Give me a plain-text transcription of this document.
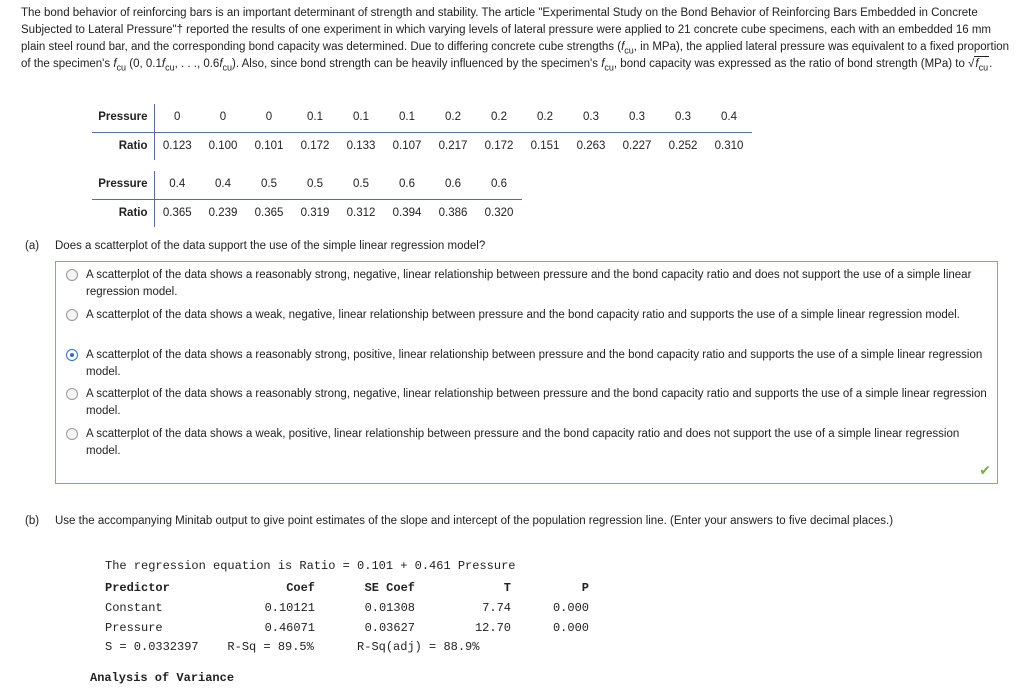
The bond behavior of reinforcing bars is an important determinant of strength and stability. The article "Experimental Study on the Bond Behavior of Reinforcing Bars Embedded in Concrete Subjected to Lateral Pressure"† reported the results of one experiment in which varying levels of lateral pressure were applied to 21 concrete cube specimens, each with an embedded 16 mm plain steel round bar, and the corresponding bond capacity was determined. Due to differing concrete cube strengths ($f_{cu}$, in MPa), the applied lateral pressure was equivalent to a fixed proportion of the specimen's $f_{cu}$ (0, $0.1f_{cu}$, . . ., $0.6f_{cu}$). Also, since bond strength can be heavily influenced by the specimen's $f_{cu}$, bond capacity was expressed as the ratio of bond strength (MPa) to $√f_{cu}$.
Pressure	0	0	0	0.1	0.1	0.1	0.2	0.2	0.2	0.3	0.3	0.3	0.4
Ratio	0.123	0.100	0.101	0.172	0.133	0.107	0.217	0.172	0.151	0.263	0.227	0.252	0.310
Pressure	0.4	0.4	0.5	0.5	0.5	0.6	0.6	0.6
Ratio	0.365	0.239	0.365	0.319	0.312	0.394	0.386	0.320
(a) Does a scatterplot of the data support the use of the simple linear regression model?
A scatterplot of the data shows a reasonably strong, negative, linear relationship between pressure and the bond capacity ratio and does not support the use of a simple linear regression model.
A scatterplot of the data shows a weak, negative, linear relationship between pressure and the bond capacity ratio and supports the use of a simple linear regression model.
A scatterplot of the data shows a reasonably strong, positive, linear relationship between pressure and the bond capacity ratio and supports the use of a simple linear regression model.
A scatterplot of the data shows a reasonably strong, negative, linear relationship between pressure and the bond capacity ratio and supports the use of a simple linear regression model.
A scatterplot of the data shows a weak, positive, linear relationship between pressure and the bond capacity ratio and does not support the use of a simple linear regression model.
✔
(b) Use the accompanying Minitab output to give point estimates of the slope and intercept of the population regression line. (Enter your answers to five decimal places.)
The regression equation is Ratio = 0.101 + 0.461 Pressure
Predictor	Coef	SE Coef	T	P
Constant	0.10121	0.01308	7.74	0.000
Pressure	0.46071	0.03627	12.70	0.000
S = 0.0332397    R-Sq = 89.5%      R-Sq(adj) = 88.9%
Analysis of Variance
